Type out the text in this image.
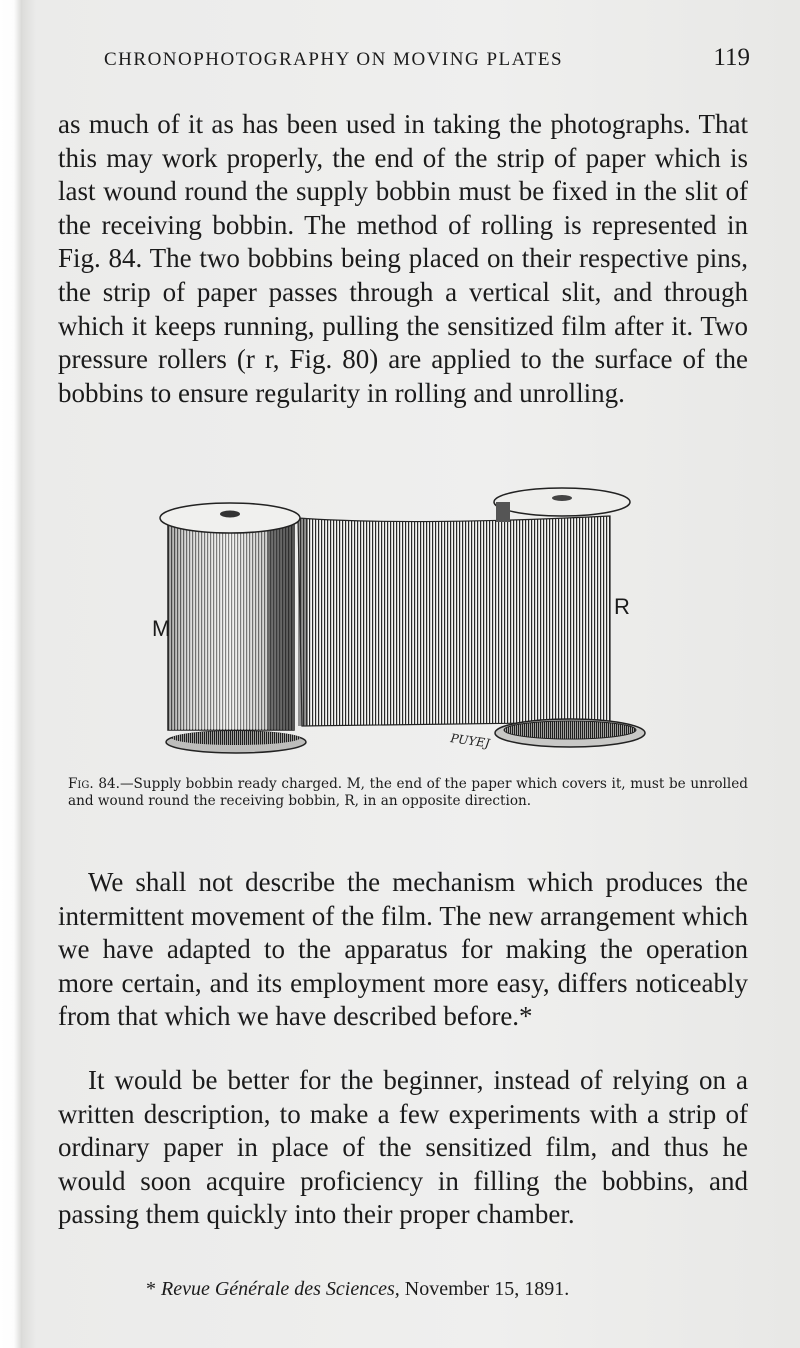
CHRONOPHOTOGRAPHY ON MOVING PLATES	119

as much of it as has been used in taking the photographs. That this may work properly, the end of the strip of paper which is last wound round the supply bobbin must be fixed in the slit of the receiving bobbin. The method of rolling is represented in Fig. 84. The two bobbins being placed on their respective pins, the strip of paper passes through a vertical slit, and through which it keeps running, pulling the sensitized film after it. Two pressure rollers (r r, Fig. 80) are applied to the surface of the bobbins to ensure regularity in rolling and unrolling.

PUYEJ
M
R
Fig. 84.—Supply bobbin ready charged. M, the end of the paper which covers it, must be unrolled and wound round the receiving bobbin, R, in an opposite direction.

We shall not describe the mechanism which produces the intermittent movement of the film. The new arrangement which we have adapted to the apparatus for making the operation more certain, and its employment more easy, differs noticeably from that which we have described before.*

It would be better for the beginner, instead of relying on a written description, to make a few experiments with a strip of ordinary paper in place of the sensitized film, and thus he would soon acquire proficiency in filling the bobbins, and passing them quickly into their proper chamber.

* Revue Générale des Sciences, November 15, 1891.
